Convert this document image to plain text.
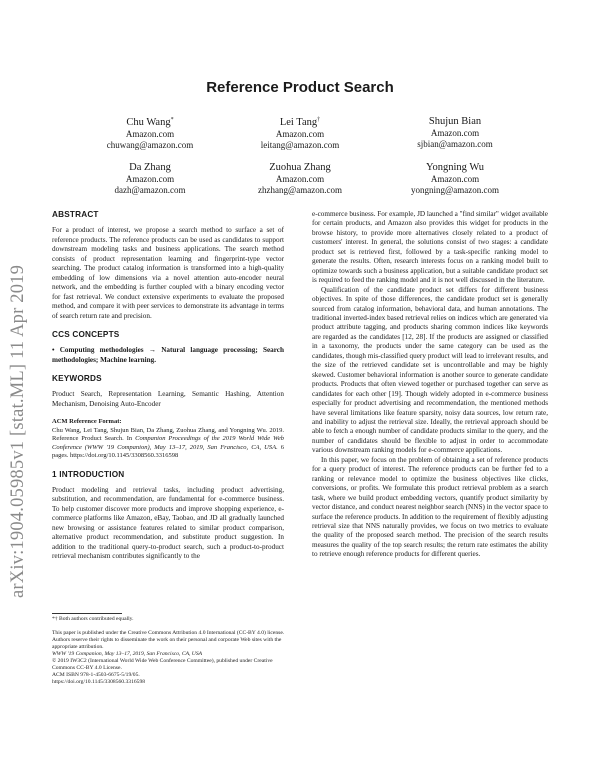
Reference Product Search
Chu Wang*
Amazon.com
chuwang@amazon.com
Lei Tang†
Amazon.com
leitang@amazon.com
Shujun Bian
Amazon.com
sjbian@amazon.com
Da Zhang
Amazon.com
dazh@amazon.com
Zuohua Zhang
Amazon.com
zhzhang@amazon.com
Yongning Wu
Amazon.com
yongning@amazon.com
arXiv:1904.05985v1 [stat.ML] 11 Apr 2019
ABSTRACT

For a product of interest, we propose a search method to surface a set of reference products. The reference products can be used as candidates to support downstream modeling tasks and business applications. The search method consists of product representation learning and fingerprint-type vector searching. The product catalog information is transformed into a high-quality embedding of low dimensions via a novel attention auto-encoder neural network, and the embedding is further coupled with a binary encoding vector for fast retrieval. We conduct extensive experiments to evaluate the proposed method, and compare it with peer services to demonstrate its advantage in terms of search return rate and precision.

CCS CONCEPTS

• Computing methodologies → Natural language processing; Search methodologies; Machine learning.

KEYWORDS

Product Search, Representation Learning, Semantic Hashing, Attention Mechanism, Denoising Auto-Encoder

ACM Reference Format:
Chu Wang, Lei Tang, Shujun Bian, Da Zhang, Zuohua Zhang, and Yongning Wu. 2019. Reference Product Search. In Companion Proceedings of the 2019 World Wide Web Conference (WWW '19 Companion), May 13–17, 2019, San Francisco, CA, USA. 6 pages. https://doi.org/10.1145/3308560.3316598

1 INTRODUCTION

Product modeling and retrieval tasks, including product advertising, substitution, and recommendation, are fundamental for e-commerce business. To help customer discover more products and improve shopping experience, e-commerce platforms like Amazon, eBay, Taobao, and JD all gradually launched new browsing or assistance features related to similar product comparison, alternative product recommendation, and substitute product suggestion. In addition to the traditional query-to-product search, such a product-to-product retrieval mechanism contributes significantly to the

*† Both authors contributed equally.
This paper is published under the Creative Commons Attribution 4.0 International (CC-BY 4.0) license. Authors reserve their rights to disseminate the work on their personal and corporate Web sites with the appropriate attribution.
WWW '19 Companion, May 13–17, 2019, San Francisco, CA, USA
© 2019 IW3C2 (International World Wide Web Conference Committee), published under Creative Commons CC-BY 4.0 License.
ACM ISBN 978-1-4503-6675-5/19/05.
https://doi.org/10.1145/3308560.3316598

e-commerce business. For example, JD launched a "find similar" widget available for certain products, and Amazon also provides this widget for products in the browse history, to provide more alternatives closely related to a product of customers' interest. In general, the solutions consist of two stages: a candidate product set is retrieved first, followed by a task-specific ranking model to generate the results. Often, research interests focus on a ranking model built to optimize towards such a business application, but a suitable candidate product set is required to feed the ranking model and it is not well discussed in the literature.

Qualification of the candidate product set differs for different business objectives. In spite of those differences, the candidate product set is generally sourced from catalog information, behavioral data, and human annotations. The traditional inverted-index based retrieval relies on indices which are generated via product attribute tagging, and products sharing common indices like keywords are regarded as the candidates [12, 28]. If the products are assigned or classified in a taxonomy, the products under the same category can be used as the candidates, though mis-classified query product will lead to irrelevant results, and the size of the retrieved candidate set is uncontrollable and may be highly skewed. Customer behavioral information is another source to generate candidate products. Products that often viewed together or purchased together can serve as candidates for each other [19]. Though widely adopted in e-commerce business especially for product advertising and recommendation, the mentioned methods have several limitations like feature sparsity, noisy data sources, low return rate, and inability to adjust the retrieval size. Ideally, the retrieval approach should be able to fetch a enough number of candidate products similar to the query, and the number of candidates should be flexible to adjust in order to accommodate various downstream ranking models for e-commerce applications.

In this paper, we focus on the problem of obtaining a set of reference products for a query product of interest. The reference products can be further fed to a ranking or relevance model to optimize the business objectives like clicks, conversions, or profits. We formulate this product retrieval problem as a search task, where we build product embedding vectors, quantify product similarity by vector distance, and conduct nearest neighbor search (NNS) in the vector space to surface the reference products. In addition to the requirement of flexibly adjusting retrieval size that NNS naturally provides, we focus on two metrics to evaluate the quality of the proposed search method. The precision of the search results measures the quality of the top search results; the return rate estimates the ability to retrieve enough reference products for different queries.
